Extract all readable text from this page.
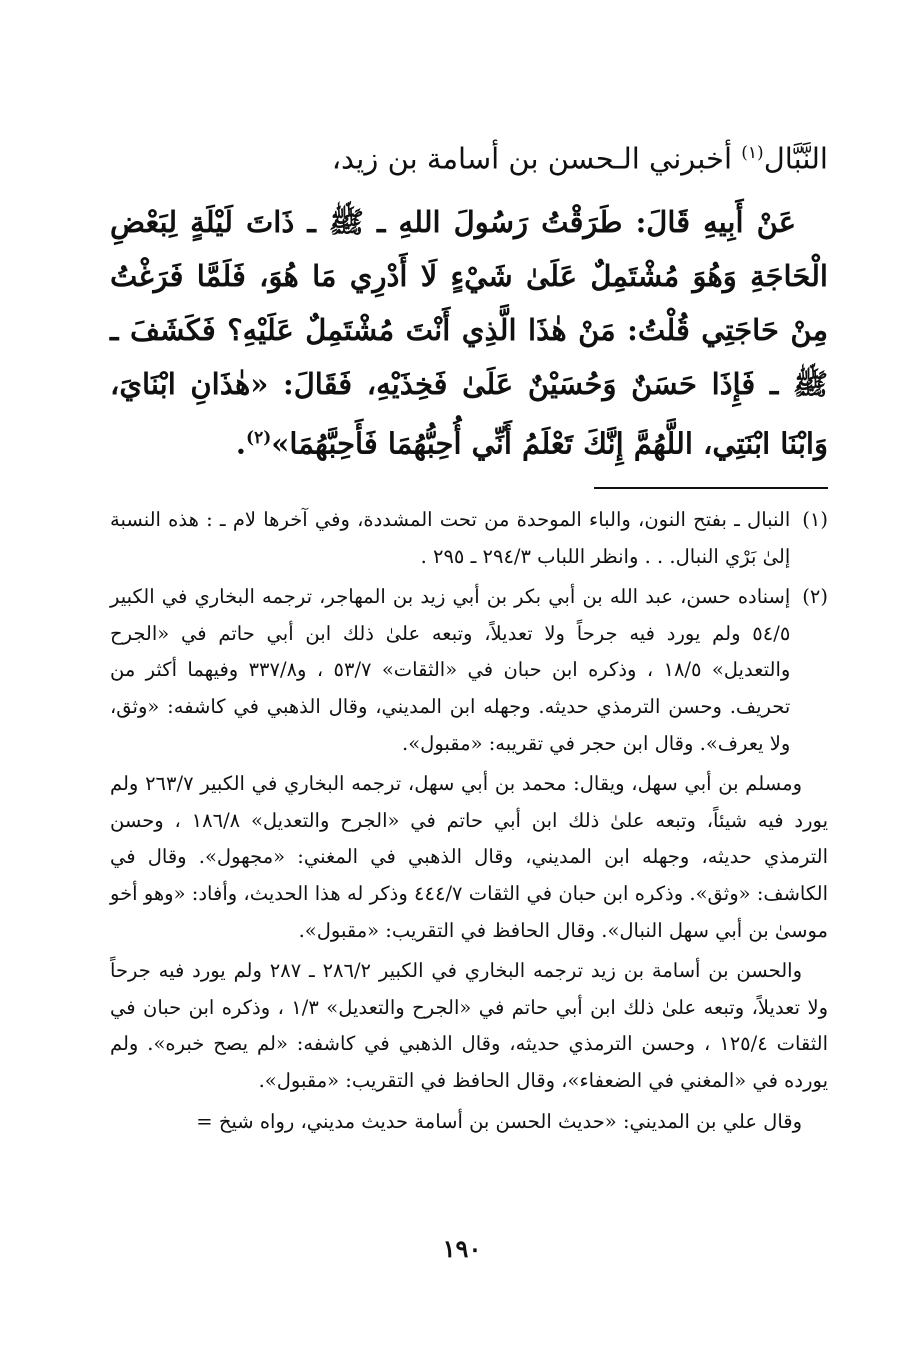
النَّبَّال$^{(١)}$ أخبرني الـحسن بن أسامة بن زيد،

عَنْ أَبِيهِ قَالَ: طَرَقْتُ رَسُولَ اللهِ ـ ﷺ ـ ذَاتَ لَيْلَةٍ لِبَعْضِ الْحَاجَةِ وَهُوَ مُشْتَمِلٌ عَلَىٰ شَيْءٍ لَا أَدْرِي مَا هُوَ، فَلَمَّا فَرَغْتُ مِنْ حَاجَتِي قُلْتُ: مَنْ هٰذَا الَّذِي أَنْتَ مُشْتَمِلٌ عَلَيْهِ؟ فَكَشَفَ ـ ﷺ ـ فَإِذَا حَسَنٌ وَحُسَيْنٌ عَلَىٰ فَخِذَيْهِ، فَقَالَ: «هٰذَانِ ابْنَايَ، وَابْنَا ابْنَتِي، اللَّهُمَّ إِنَّكَ تَعْلَمُ أَنِّي أُحِبُّهُمَا فَأَحِبَّهُمَا»$^{(٢)}$.

(١)
النبال ـ بفتح النون، والباء الموحدة من تحت المشددة، وفي آخرها لام ـ : هذه النسبة إلىٰ بَرْي النبال. . . وانظر اللباب ٢٩٤/٣ ـ ٢٩٥ .

(٢)
إسناده حسن، عبد الله بن أبي بكر بن أبي زيد بن المهاجر، ترجمه البخاري في الكبير ٥٤/٥ ولم يورد فيه جرحاً ولا تعديلاً، وتبعه علىٰ ذلك ابن أبي حاتم في «الجرح والتعديل» ١٨/٥ ، وذكره ابن حبان في «الثقات» ٥٣/٧ ، و٣٣٧/٨ وفيهما أكثر من تحريف. وحسن الترمذي حديثه. وجهله ابن المديني، وقال الذهبي في كاشفه: «وثق، ولا يعرف». وقال ابن حجر في تقريبه: «مقبول».

ومسلم بن أبي سهل، ويقال: محمد بن أبي سهل، ترجمه البخاري في الكبير ٢٦٣/٧ ولم يورد فيه شيئاً، وتبعه علىٰ ذلك ابن أبي حاتم في «الجرح والتعديل» ١٨٦/٨ ، وحسن الترمذي حديثه، وجهله ابن المديني، وقال الذهبي في المغني: «مجهول». وقال في الكاشف: «وثق». وذكره ابن حبان في الثقات ٤٤٤/٧ وذكر له هذا الحديث، وأفاد: «وهو أخو موسىٰ بن أبي سهل النبال». وقال الحافظ في التقريب: «مقبول».

والحسن بن أسامة بن زيد ترجمه البخاري في الكبير ٢٨٦/٢ ـ ٢٨٧ ولم يورد فيه جرحاً ولا تعديلاً، وتبعه علىٰ ذلك ابن أبي حاتم في «الجرح والتعديل» ١/٣ ، وذكره ابن حبان في الثقات ١٢٥/٤ ، وحسن الترمذي حديثه، وقال الذهبي في كاشفه: «لم يصح خبره». ولم يورده في «المغني في الضعفاء»، وقال الحافظ في التقريب: «مقبول».

وقال علي بن المديني: «حديث الحسن بن أسامة حديث مديني، رواه شيخ =

١٩٠
